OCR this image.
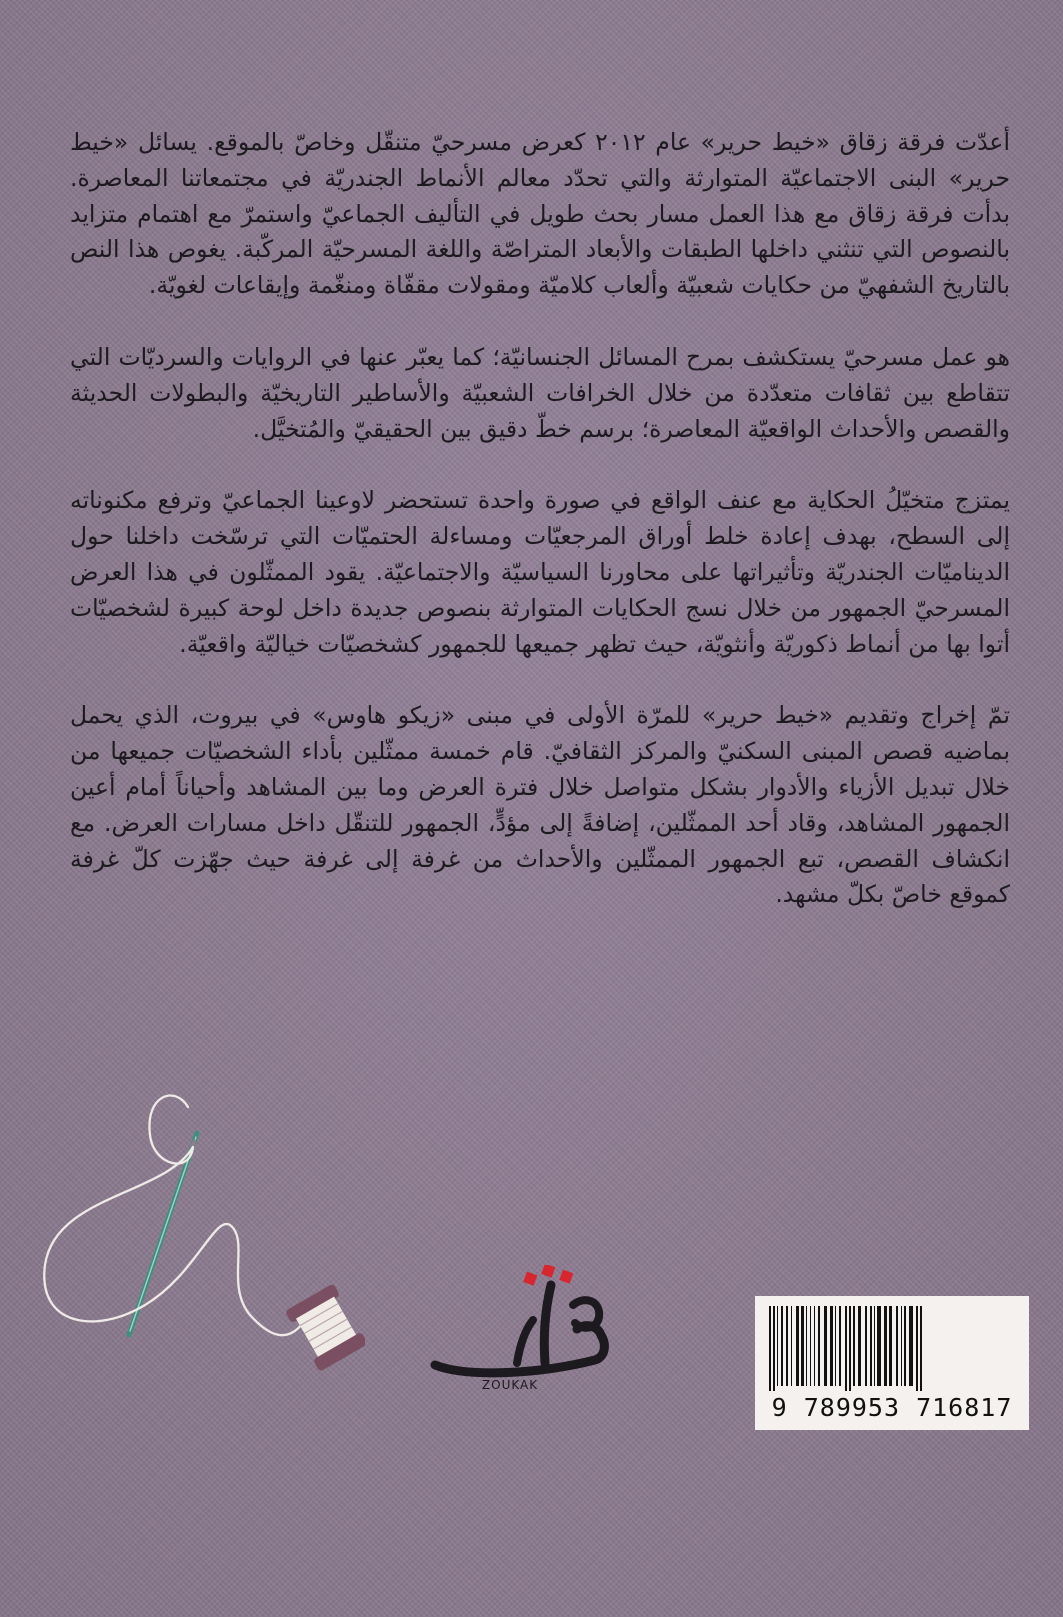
أعدّت فرقة زقاق «خيط حرير» عام ٢٠١٢ كعرض مسرحيّ متنقّل وخاصّ بالموقع. يسائل «خيط حرير» البنى الاجتماعيّة المتوارثة والتي تحدّد معالم الأنماط الجندريّة في مجتمعاتنا المعاصرة. بدأت فرقة زقاق مع هذا العمل مسار بحث طويل في التأليف الجماعيّ واستمرّ مع اهتمام متزايد بالنصوص التي تنثني داخلها الطبقات والأبعاد المتراصّة واللغة المسرحيّة المركّبة. يغوص هذا النص بالتاريخ الشفهيّ من حكايات شعبيّة وألعاب كلاميّة ومقولات مقفّاة ومنغّمة وإيقاعات لغويّة.

هو عمل مسرحيّ يستكشف بمرح المسائل الجنسانيّة؛ كما يعبّر عنها في الروايات والسرديّات التي تتقاطع بين ثقافات متعدّدة من خلال الخرافات الشعبيّة والأساطير التاريخيّة والبطولات الحديثة والقصص والأحداث الواقعيّة المعاصرة؛ برسم خطّ دقيق بين الحقيقيّ والمُتخيَّل.

يمتزج متخيّلُ الحكاية مع عنف الواقع في صورة واحدة تستحضر لاوعينا الجماعيّ وترفع مكنوناته إلى السطح، بهدف إعادة خلط أوراق المرجعيّات ومساءلة الحتميّات التي ترسّخت داخلنا حول الديناميّات الجندريّة وتأثيراتها على محاورنا السياسيّة والاجتماعيّة. يقود الممثّلون في هذا العرض المسرحيّ الجمهور من خلال نسج الحكايات المتوارثة بنصوص جديدة داخل لوحة كبيرة لشخصيّات أتوا بها من أنماط ذكوريّة وأنثويّة، حيث تظهر جميعها للجمهور كشخصيّات خياليّة واقعيّة.

تمّ إخراج وتقديم «خيط حرير» للمرّة الأولى في مبنى «زيكو هاوس» في بيروت، الذي يحمل بماضيه قصص المبنى السكنيّ والمركز الثقافيّ. قام خمسة ممثّلين بأداء الشخصيّات جميعها من خلال تبديل الأزياء والأدوار بشكل متواصل خلال فترة العرض وما بين المشاهد وأحياناً أمام أعين الجمهور المشاهد، وقاد أحد الممثّلين، إضافةً إلى مؤدٍّ، الجمهور للتنقّل داخل مسارات العرض. مع انكشاف القصص، تبع الجمهور الممثّلين والأحداث من غرفة إلى غرفة حيث جهّزت كلّ غرفة كموقع خاصّ بكلّ مشهد.

ZOUKAK
9 789953 716817
